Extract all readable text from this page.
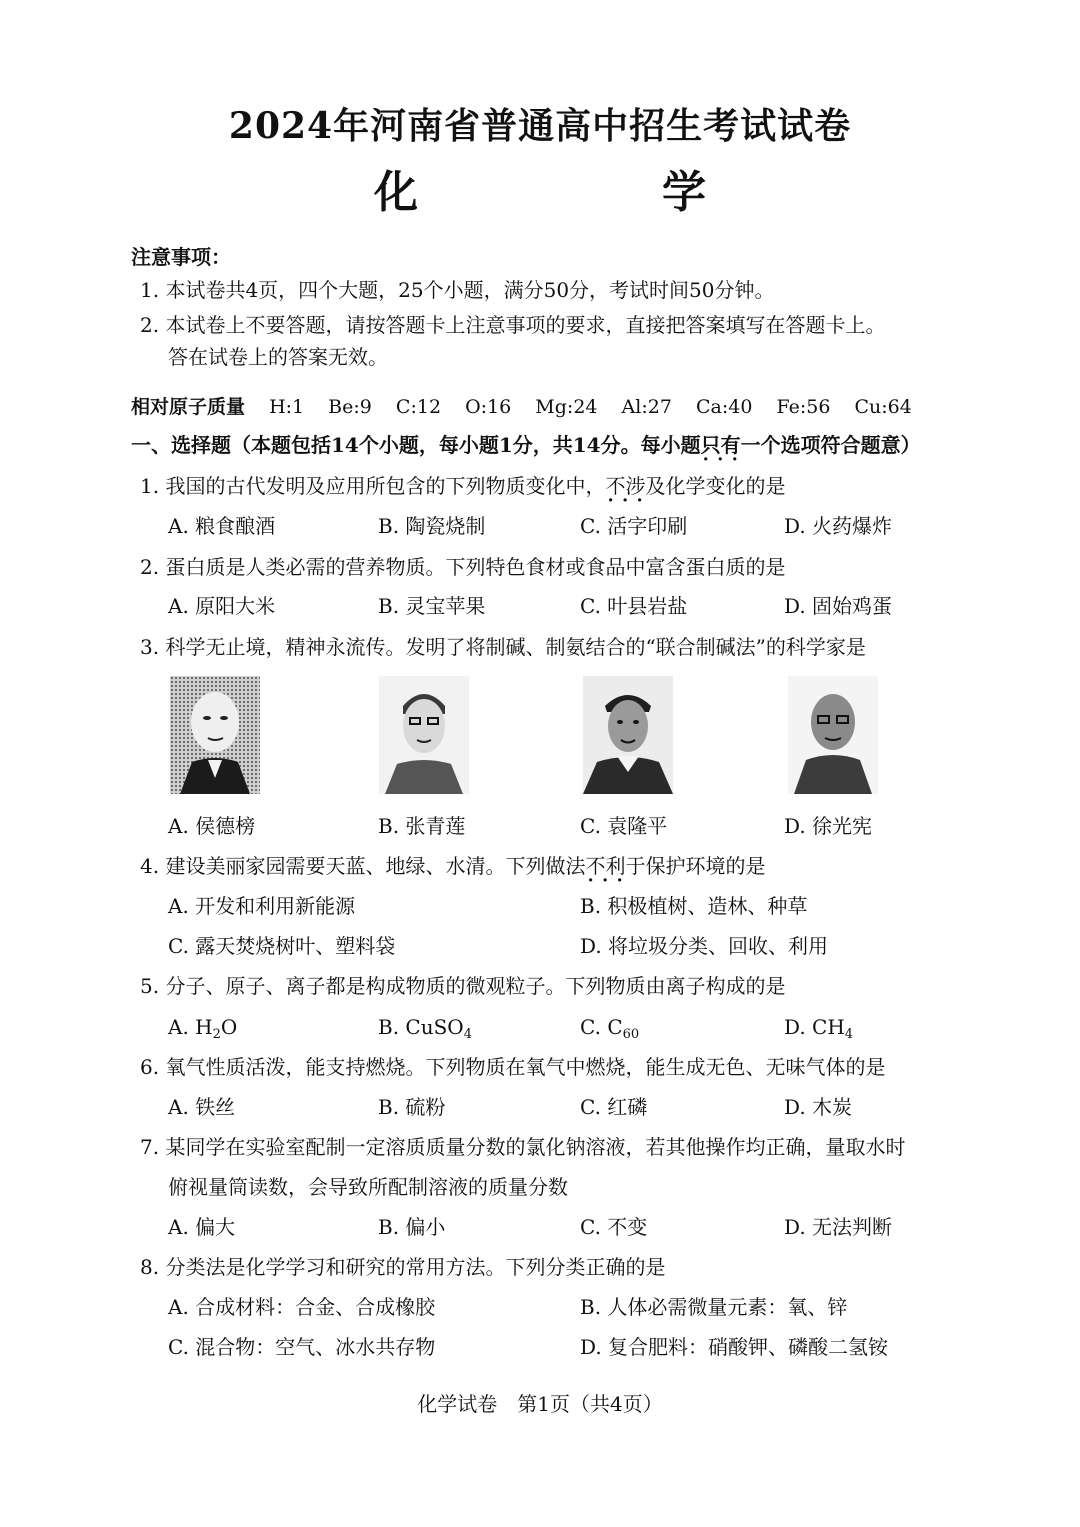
2024年河南省普通高中招生考试试卷
化　学
注意事项：
1. 本试卷共4页，四个大题，25个小题，满分50分，考试时间50分钟。
2. 本试卷上不要答题，请按答题卡上注意事项的要求，直接把答案填写在答题卡上。
答在试卷上的答案无效。
相对原子质量 H:1 Be:9 C:12 O:16 Mg:24 Al:27 Ca:40 Fe:56 Cu:64
一、选择题（本题包括14个小题，每小题1分，共14分。每小题只有一个 · · ·选项符合题意）
1. 我国的古代发明及应用所包含的下列物质变化中，不涉及 · · ·化学变化的是
A. 粮食酿酒	B. 陶瓷烧制	C. 活字印刷	D. 火药爆炸
2. 蛋白质是人类必需的营养物质。下列特色食材或食品中富含蛋白质的是
A. 原阳大米	B. 灵宝苹果	C. 叶县岩盐	D. 固始鸡蛋
3. 科学无止境，精神永流传。发明了将制碱、制氨结合的“联合制碱法”的科学家是
A. 侯德榜	B. 张青莲	C. 袁隆平	D. 徐光宪
4. 建设美丽家园需要天蓝、地绿、水清。下列做法不利于 · · ·保护环境的是
A. 开发和利用新能源	B. 积极植树、造林、种草
C. 露天焚烧树叶、塑料袋	D. 将垃圾分类、回收、利用
5. 分子、原子、离子都是构成物质的微观粒子。下列物质由离子构成的是
A. $H_2O$	B. CuSO$_4$	C. $C_{60}$	D. $CH_4$
6. 氧气性质活泼，能支持燃烧。下列物质在氧气中燃烧，能生成无色、无味气体的是
A. 铁丝	B. 硫粉	C. 红磷	D. 木炭
7. 某同学在实验室配制一定溶质质量分数的氯化钠溶液，若其他操作均正确，量取水时
俯视量筒读数，会导致所配制溶液的质量分数
A. 偏大	B. 偏小	C. 不变	D. 无法判断
8. 分类法是化学学习和研究的常用方法。下列分类正确的是
A. 合成材料：合金、合成橡胶	B. 人体必需微量元素：氧、锌
C. 混合物：空气、冰水共存物	D. 复合肥料：硝酸钾、磷酸二氢铵
化学试卷　第1页（共4页）
